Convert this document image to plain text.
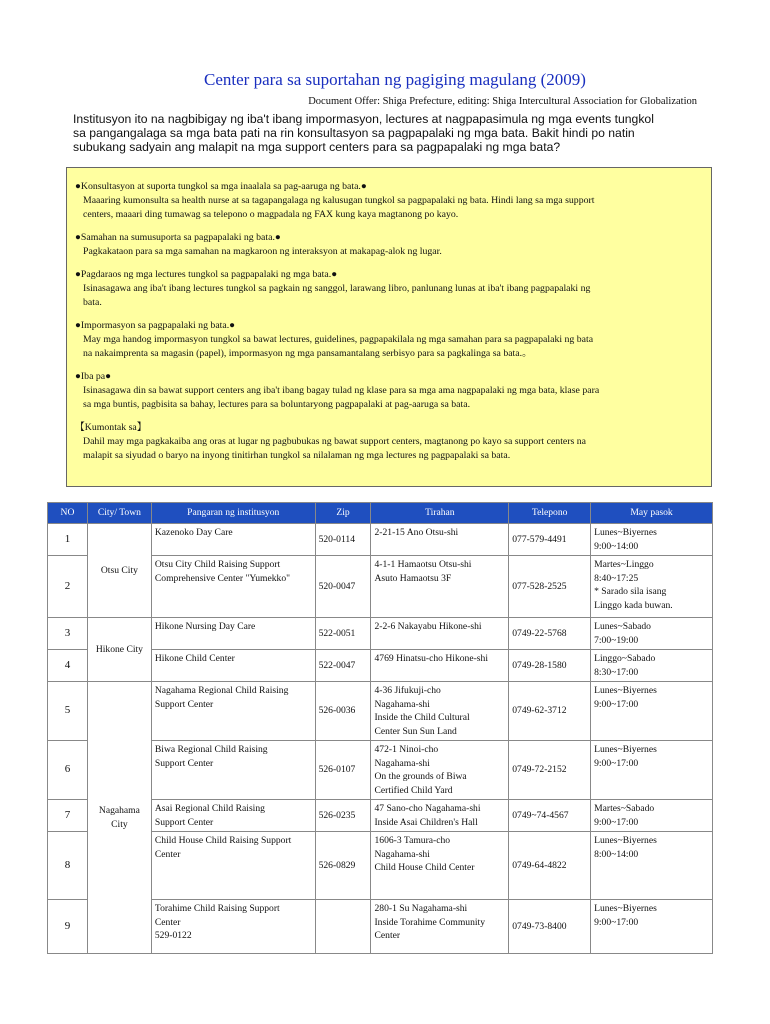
Center para sa suportahan ng pagiging magulang (2009)
Document Offer: Shiga Prefecture, editing: Shiga Intercultural Association for Globalization
Institusyon ito na nagbibigay ng iba't ibang impormasyon, lectures at nagpapasimula ng mga events tungkol
sa pangangalaga sa mga bata pati na rin konsultasyon sa pagpapalaki ng mga bata. Bakit hindi po natin
subukang sadyain ang malapit na mga support centers para sa pagpapalaki ng mga bata?
●Konsultasyon at suporta tungkol sa mga inaalala sa pag-aaruga ng bata.●
Maaaring kumonsulta sa health nurse at sa tagapangalaga ng kalusugan tungkol sa pagpapalaki ng bata. Hindi lang sa mga support
centers, maaari ding tumawag sa telepono o magpadala ng FAX kung kaya magtanong po kayo.
●Samahan na sumusuporta sa pagpapalaki ng bata.●
Pagkakataon para sa mga samahan na magkaroon ng interaksyon at makapag-alok ng lugar.
●Pagdaraos ng mga lectures tungkol sa pagpapalaki ng mga bata.●
Isinasagawa ang iba't ibang lectures tungkol sa pagkain ng sanggol, larawang libro, panlunang lunas at iba't ibang pagpapalaki ng
bata.
●Impormasyon sa pagpapalaki ng bata.●
May mga handog impormasyon tungkol sa bawat lectures, guidelines, pagpapakilala ng mga samahan para sa pagpapalaki ng bata
na nakaimprenta sa magasin (papel), impormasyon ng mga pansamantalang serbisyo para sa pagkalinga sa bata.。
●Iba pa●
Isinasagawa din sa bawat support centers ang iba't ibang bagay tulad ng klase para sa mga ama nagpapalaki ng mga bata, klase para
sa mga buntis, pagbisita sa bahay, lectures para sa boluntaryong pagpapalaki at pag-aaruga sa bata.
【Kumontak sa】
Dahil may mga pagkakaiba ang oras at lugar ng pagbubukas ng bawat support centers, magtanong po kayo sa support centers na
malapit sa siyudad o baryo na inyong tinitirhan tungkol sa nilalaman ng mga lectures ng pagpapalaki sa bata.
NO	City/ Town	Pangaran ng institusyon	Zip	Tirahan	Telepono	May pasok
1	Otsu City	Kazenoko Day Care	520-0114	2-21-15 Ano Otsu-shi	077-579-4491	Lunes~Biyernes
9:00~14:00
2		Otsu City Child Raising Support
Comprehensive Center "Yumekko"	520-0047	4-1-1 Hamaotsu Otsu-shi
Asuto Hamaotsu 3F	077-528-2525	Martes~Linggo
8:40~17:25
* Sarado sila isang
Linggo kada buwan.
3	Hikone City	Hikone Nursing Day Care	522-0051	2-2-6 Nakayabu Hikone-shi	0749-22-5768	Lunes~Sabado
7:00~19:00
4		Hikone Child Center	522-0047	4769 Hinatsu-cho Hikone-shi	0749-28-1580	Linggo~Sabado
8:30~17:00
5	Nagahama City	Nagahama Regional Child Raising
Support Center	526-0036	4-36 Jifukuji-cho
Nagahama-shi
Inside the Child Cultural
Center Sun Sun Land	0749-62-3712	Lunes~Biyernes
9:00~17:00
6		Biwa Regional Child Raising
Support Center	526-0107	472-1 Ninoi-cho
Nagahama-shi
On the grounds of Biwa
Certified Child Yard	0749-72-2152	Lunes~Biyernes
9:00~17:00
7		Asai Regional Child Raising
Support Center	526-0235	47 Sano-cho Nagahama-shi
Inside Asai Children's Hall	0749~74-4567	Martes~Sabado
9:00~17:00
8		Child House Child Raising Support
Center	526-0829	1606-3 Tamura-cho
Nagahama-shi
Child House Child Center	0749-64-4822	Lunes~Biyernes
8:00~14:00
9		Torahime Child Raising Support
Center
529-0122		280-1 Su Nagahama-shi
Inside Torahime Community
Center	0749-73-8400	Lunes~Biyernes
9:00~17:00
